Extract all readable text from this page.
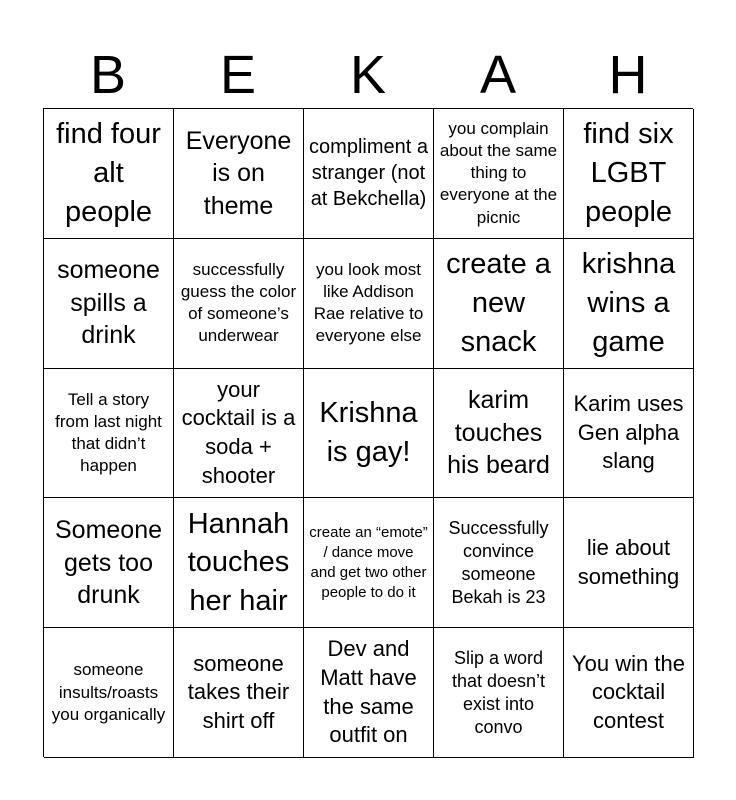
B	E	K	A	H
find four alt people
Everyone is on theme
compliment a stranger (not at Bekchella)
you complain about the same thing to everyone at the picnic
find six LGBT people
someone spills a drink
successfully guess the color of someone’s underwear
you look most like Addison Rae relative to everyone else
create a new snack
krishna wins a game
Tell a story from last night that didn’t happen
your cocktail is a soda + shooter
Krishna is gay!
karim touches his beard
Karim uses Gen alpha slang
Someone gets too drunk
Hannah touches her hair
create an “emote” / dance move and get two other people to do it
Successfully convince someone Bekah is 23
lie about something
someone insults/roasts you organically
someone takes their shirt off
Dev and Matt have the same outfit on
Slip a word that doesn’t exist into convo
You win the cocktail contest
